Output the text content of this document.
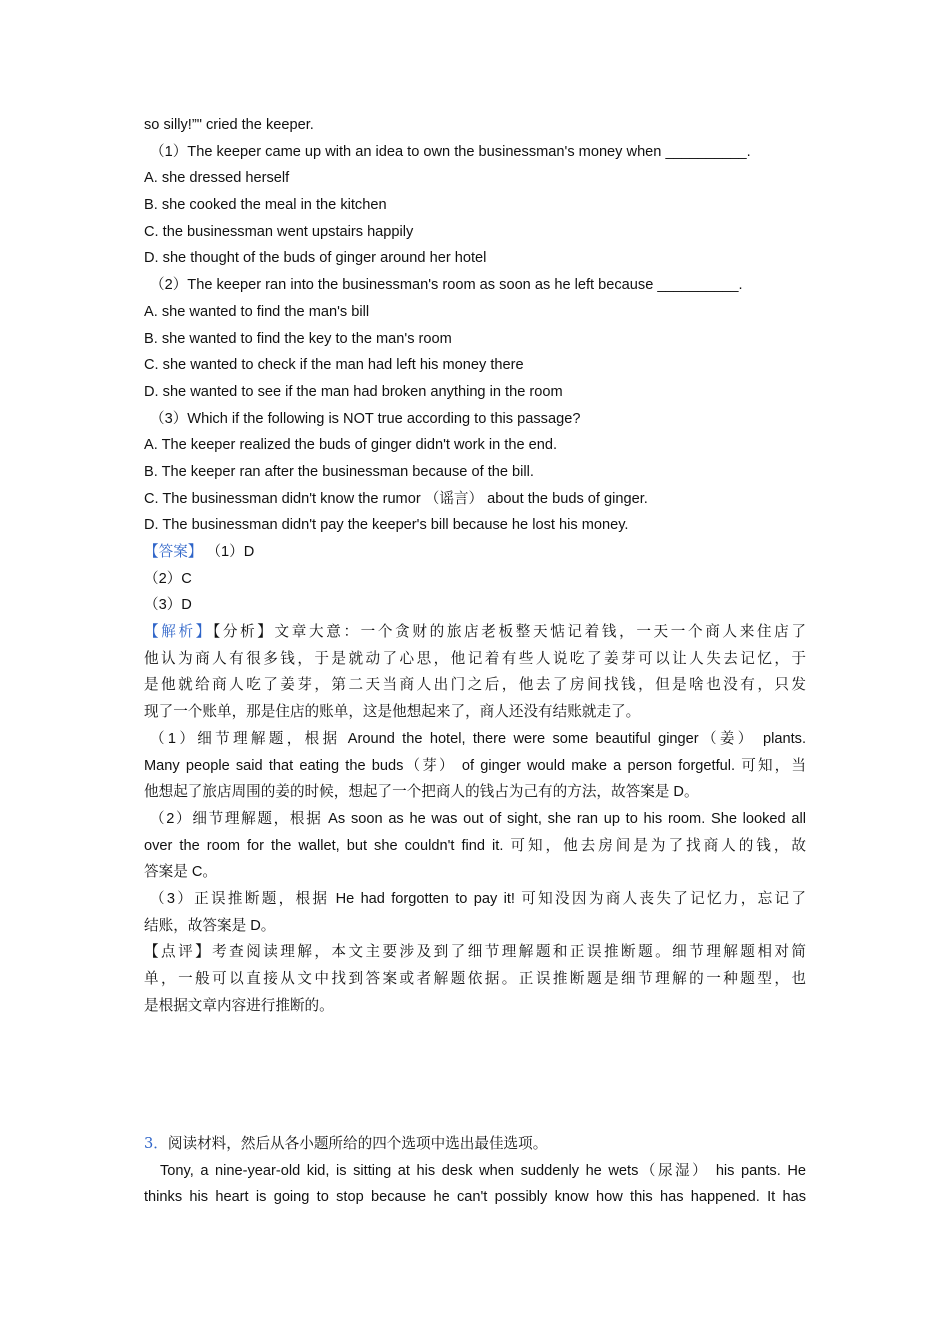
so silly!”" cried the keeper.
（1）The keeper came up with an idea to own the businessman's money when __________.
A. she dressed herself
B. she cooked the meal in the kitchen
C. the businessman went upstairs happily
D. she thought of the buds of ginger around her hotel
（2）The keeper ran into the businessman's room as soon as he left because __________.
A. she wanted to find the man's bill
B. she wanted to find the key to the man's room
C. she wanted to check if the man had left his money there
D. she wanted to see if the man had broken anything in the room
（3）Which if the following is NOT true according to this passage?
A. The keeper realized the buds of ginger didn't work in the end.
B. The keeper ran after the businessman because of the bill.
C. The businessman didn't know the rumor （谣言） about the buds of ginger.
D. The businessman didn't pay the keeper's bill because he lost his money.
【答案】 （1）D
（2）C
（3）D
【解析】【分析】文章大意：一个贪财的旅店老板整天惦记着钱，一天一个商人来住店了
他认为商人有很多钱，于是就动了心思，他记着有些人说吃了姜芽可以让人失去记忆，于
是他就给商人吃了姜芽，第二天当商人出门之后，他去了房间找钱，但是啥也没有，只发
现了一个账单，那是住店的账单，这是他想起来了，商人还没有结账就走了。
（1）细节理解题，根据 Around the hotel, there were some beautiful ginger（姜） plants.
Many people said that eating the buds（芽） of ginger would make a person forgetful. 可知，当
他想起了旅店周围的姜的时候，想起了一个把商人的钱占为己有的方法，故答案是 D。
（2）细节理解题，根据 As soon as he was out of sight, she ran up to his room. She looked all
over the room for the wallet, but she couldn't find it. 可知，他去房间是为了找商人的钱，故
答案是 C。
（3）正误推断题，根据 He had forgotten to pay it! 可知没因为商人丧失了记忆力，忘记了
结账，故答案是 D。
【点评】考查阅读理解，本文主要涉及到了细节理解题和正误推断题。细节理解题相对简
单，一般可以直接从文中找到答案或者解题依据。正误推断题是细节理解的一种题型，也
是根据文章内容进行推断的。
3．阅读材料，然后从各小题所给的四个选项中选出最佳选项。
Tony, a nine-year-old kid, is sitting at his desk when suddenly he wets（尿湿） his pants. He
thinks his heart is going to stop because he can't possibly know how this has happened. It has
